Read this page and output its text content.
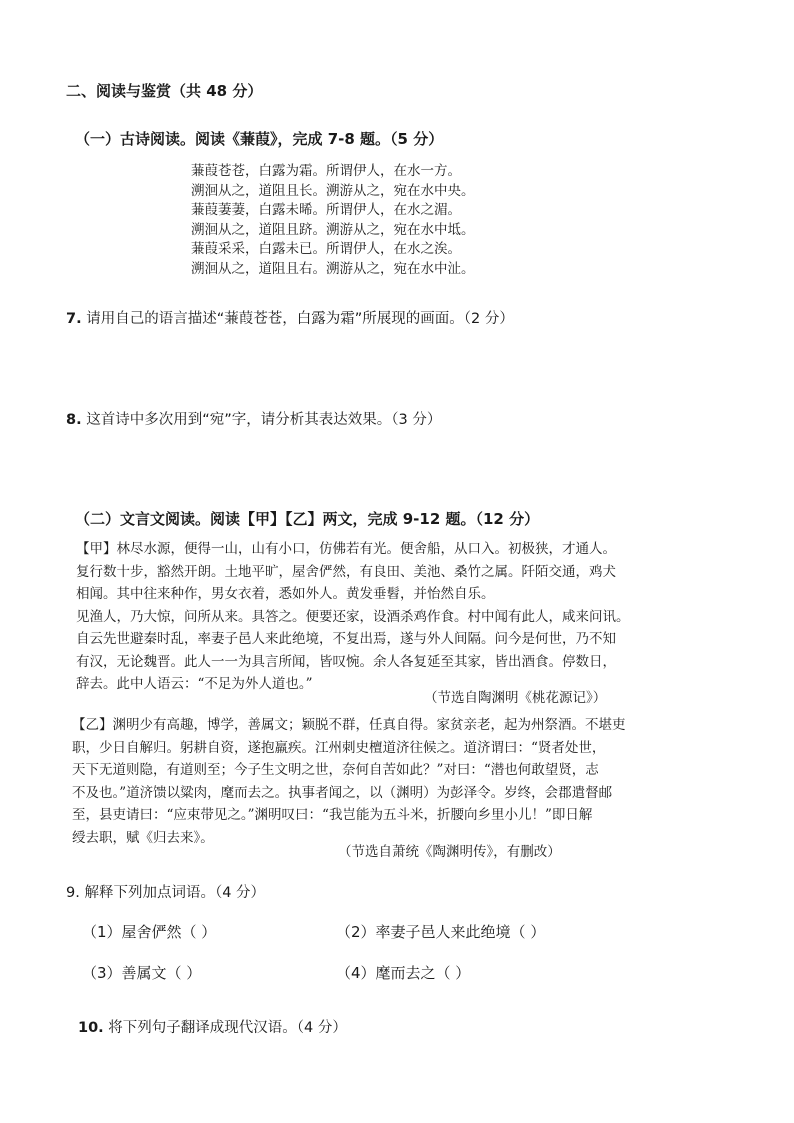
二、阅读与鉴赏（共 48 分）
（一）古诗阅读。阅读《蒹葭》，完成 7-8 题。（5 分）
蒹葭苍苍，白露为霜。所谓伊人，在水一方。
溯洄从之，道阻且长。溯游从之，宛在水中央。
蒹葭萋萋，白露未晞。所谓伊人，在水之湄。
溯洄从之，道阻且跻。溯游从之，宛在水中坻。
蒹葭采采，白露未已。所谓伊人，在水之涘。
溯洄从之，道阻且右。溯游从之，宛在水中沚。
7. 请用自己的语言描述“蒹葭苍苍，白露为霜”所展现的画面。（2 分）
8. 这首诗中多次用到“宛”字，请分析其表达效果。（3 分）
（二）文言文阅读。阅读【甲】【乙】两文，完成 9-12 题。（12 分）
【甲】林尽水源，便得一山，山有小口，仿佛若有光。便舍船，从口入。初极狭，才通人。
复行数十步，豁然开朗。土地平旷，屋舍俨然，有良田、美池、桑竹之属。阡陌交通，鸡犬
相闻。其中往来种作，男女衣着，悉如外人。黄发垂髫，并怡然自乐。
见渔人，乃大惊，问所从来。具答之。便要还家，设酒杀鸡作食。村中闻有此人，咸来问讯。
自云先世避秦时乱，率妻子邑人来此绝境，不复出焉，遂与外人间隔。问今是何世，乃不知
有汉，无论魏晋。此人一一为具言所闻，皆叹惋。余人各复延至其家，皆出酒食。停数日，
辞去。此中人语云：“不足为外人道也。”
（节选自陶渊明《桃花源记》）
【乙】渊明少有高趣，博学，善属文；颖脱不群，任真自得。家贫亲老，起为州祭酒。不堪吏
职，少日自解归。躬耕自资，遂抱羸疾。江州刺史檀道济往候之。道济谓曰：“贤者处世，
天下无道则隐，有道则至；今子生文明之世，奈何自苦如此？”对曰：“潜也何敢望贤，志
不及也。”道济馈以粱肉，麾而去之。执事者闻之，以（渊明）为彭泽令。岁终，会郡遣督邮
至，县吏请曰：“应束带见之。”渊明叹曰：“我岂能为五斗米，折腰向乡里小儿！”即日解
绶去职，赋《归去来》。
（节选自萧统《陶渊明传》，有删改）
9. 解释下列加点词语。（4 分）
（1）屋舍俨然（ ）	（2）率妻子邑人来此绝境（ ）
（3）善属文（ ）	（4）麾而去之（ ）
10. 将下列句子翻译成现代汉语。（4 分）
